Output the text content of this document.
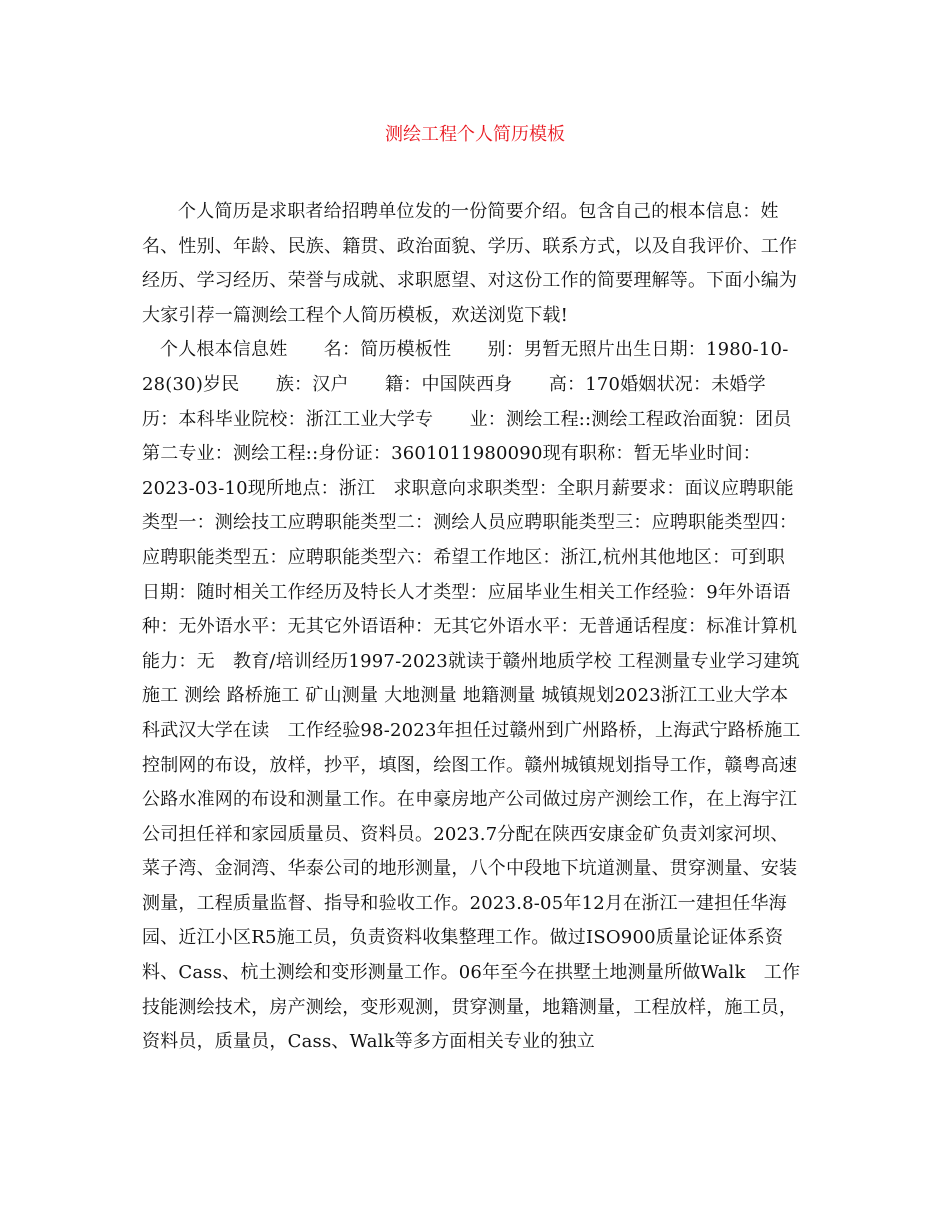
测绘工程个人简历模板

个人简历是求职者给招聘单位发的一份简要介绍。包含自己的根本信息：姓名、性别、年龄、民族、籍贯、政治面貌、学历、联系方式，以及自我评价、工作经历、学习经历、荣誉与成就、求职愿望、对这份工作的简要理解等。下面小编为大家引荐一篇测绘工程个人简历模板，欢送浏览下载!

个人根本信息姓　　名：简历模板性　　别：男暂无照片出生日期：1980-10-28(30)岁民　　族：汉户　　籍：中国陕西身　　高：170婚姻状况：未婚学历：本科毕业院校：浙江工业大学专　　业：测绘工程::测绘工程政治面貌：团员第二专业：测绘工程::身份证：3601011980090现有职称：暂无毕业时间：2023-03-10现所地点：浙江　求职意向求职类型：全职月薪要求：面议应聘职能类型一：测绘技工应聘职能类型二：测绘人员应聘职能类型三：应聘职能类型四：应聘职能类型五：应聘职能类型六：希望工作地区：浙江,杭州其他地区：可到职日期：随时相关工作经历及特长人才类型：应届毕业生相关工作经验：9年外语语种：无外语水平：无其它外语语种：无其它外语水平：无普通话程度：标准计算机能力：无　教育/培训经历1997-2023就读于赣州地质学校 工程测量专业学习建筑施工 测绘 路桥施工 矿山测量 大地测量 地籍测量 城镇规划2023浙江工业大学本科武汉大学在读　工作经验98-2023年担任过赣州到广州路桥，上海武宁路桥施工控制网的布设，放样，抄平，填图，绘图工作。赣州城镇规划指导工作，赣粤高速公路水准网的布设和测量工作。在申豪房地产公司做过房产测绘工作，在上海宇江公司担任祥和家园质量员、资料员。2023.7分配在陕西安康金矿负责刘家河坝、菜子湾、金洞湾、华泰公司的地形测量，八个中段地下坑道测量、贯穿测量、安装测量，工程质量监督、指导和验收工作。2023.8-05年12月在浙江一建担任华海园、近江小区R5施工员，负责资料收集整理工作。做过ISO900质量论证体系资料、Cass、杭土测绘和变形测量工作。06年至今在拱墅土地测量所做Walk　工作技能测绘技术，房产测绘，变形观测，贯穿测量，地籍测量，工程放样，施工员，资料员，质量员，Cass、Walk等多方面相关专业的独立
